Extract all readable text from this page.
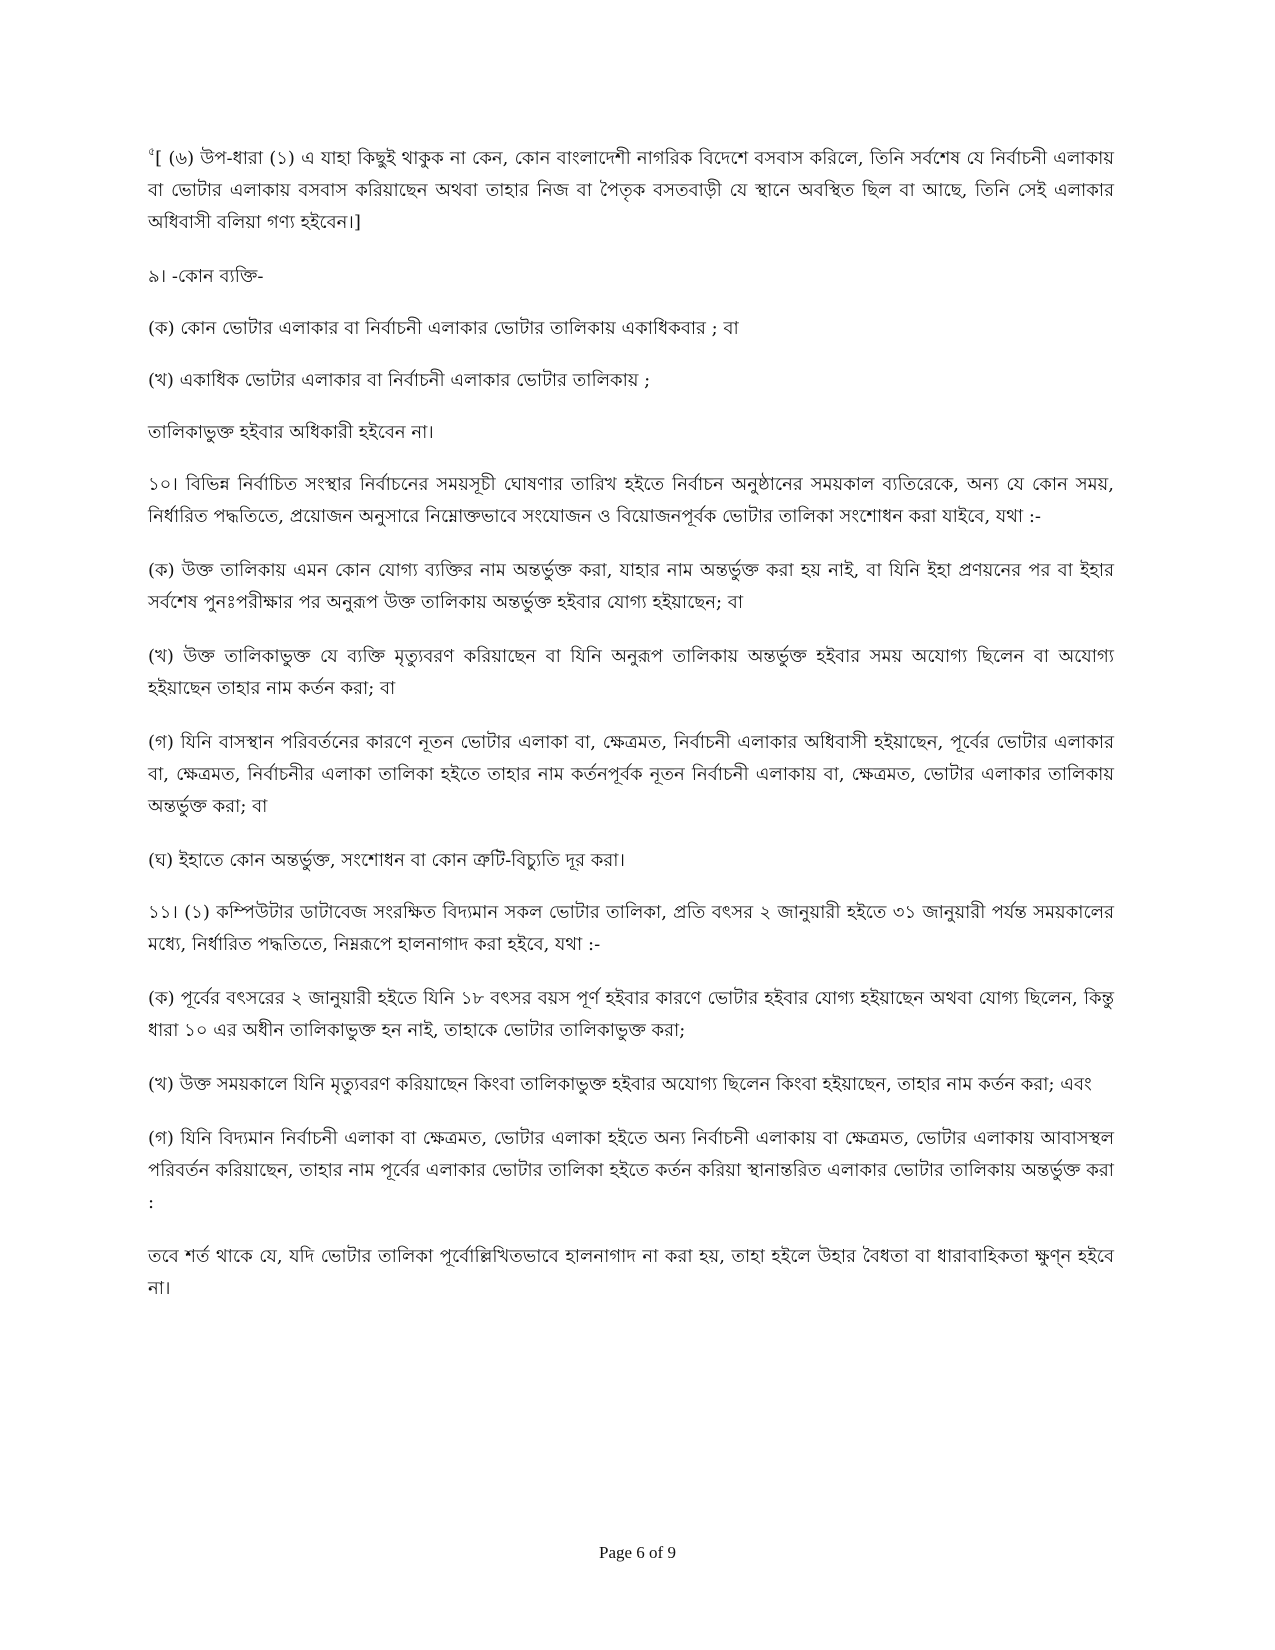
$^৫$[ (৬) উপ-ধারা (১) এ যাহা কিছুই থাকুক না কেন, কোন বাংলাদেশী নাগরিক বিদেশে বসবাস করিলে, তিনি সর্বশেষ যে নির্বাচনী এলাকায় বা ভোটার এলাকায় বসবাস করিয়াছেন অথবা তাহার নিজ বা পৈতৃক বসতবাড়ী যে স্থানে অবস্থিত ছিল বা আছে, তিনি সেই এলাকার অধিবাসী বলিয়া গণ্য হইবেন।]

৯। -কোন ব্যক্তি-

(ক) কোন ভোটার এলাকার বা নির্বাচনী এলাকার ভোটার তালিকায় একাধিকবার ; বা

(খ) একাধিক ভোটার এলাকার বা নির্বাচনী এলাকার ভোটার তালিকায় ;

তালিকাভুক্ত হইবার অধিকারী হইবেন না।

১০। বিভিন্ন নির্বাচিত সংস্থার নির্বাচনের সময়সূচী ঘোষণার তারিখ হইতে নির্বাচন অনুষ্ঠানের সময়কাল ব্যতিরেকে, অন্য যে কোন সময়, নির্ধারিত পদ্ধতিতে, প্রয়োজন অনুসারে নিম্নোক্তভাবে সংযোজন ও বিয়োজনপূর্বক ভোটার তালিকা সংশোধন করা যাইবে, যথা :-

(ক) উক্ত তালিকায় এমন কোন যোগ্য ব্যক্তির নাম অন্তর্ভুক্ত করা, যাহার নাম অন্তর্ভুক্ত করা হয় নাই, বা যিনি ইহা প্রণয়নের পর বা ইহার সর্বশেষ পুনঃপরীক্ষার পর অনুরূপ উক্ত তালিকায় অন্তর্ভুক্ত হইবার যোগ্য হইয়াছেন; বা

(খ) উক্ত তালিকাভুক্ত যে ব্যক্তি মৃত্যুবরণ করিয়াছেন বা যিনি অনুরূপ তালিকায় অন্তর্ভুক্ত হইবার সময় অযোগ্য ছিলেন বা অযোগ্য হইয়াছেন তাহার নাম কর্তন করা; বা

(গ) যিনি বাসস্থান পরিবর্তনের কারণে নূতন ভোটার এলাকা বা, ক্ষেত্রমত, নির্বাচনী এলাকার অধিবাসী হইয়াছেন, পূর্বের ভোটার এলাকার বা, ক্ষেত্রমত, নির্বাচনীর এলাকা তালিকা হইতে তাহার নাম কর্তনপূর্বক নূতন নির্বাচনী এলাকায় বা, ক্ষেত্রমত, ভোটার এলাকার তালিকায় অন্তর্ভুক্ত করা; বা

(ঘ) ইহাতে কোন অন্তর্ভুক্ত, সংশোধন বা কোন ত্রুটি-বিচ্যুতি দূর করা।

১১। (১) কম্পিউটার ডাটাবেজ সংরক্ষিত বিদ্যমান সকল ভোটার তালিকা, প্রতি বৎসর ২ জানুয়ারী হইতে ৩১ জানুয়ারী পর্যন্ত সময়কালের মধ্যে, নির্ধারিত পদ্ধতিতে, নিম্নরূপে হালনাগাদ করা হইবে, যথা :-

(ক) পূর্বের বৎসরের ২ জানুয়ারী হইতে যিনি ১৮ বৎসর বয়স পূর্ণ হইবার কারণে ভোটার হইবার যোগ্য হইয়াছেন অথবা যোগ্য ছিলেন, কিন্তু ধারা ১০ এর অধীন তালিকাভুক্ত হন নাই, তাহাকে ভোটার তালিকাভুক্ত করা;

(খ) উক্ত সময়কালে যিনি মৃত্যুবরণ করিয়াছেন কিংবা তালিকাভুক্ত হইবার অযোগ্য ছিলেন কিংবা হইয়াছেন, তাহার নাম কর্তন করা; এবং

(গ) যিনি বিদ্যমান নির্বাচনী এলাকা বা ক্ষেত্রমত, ভোটার এলাকা হইতে অন্য নির্বাচনী এলাকায় বা ক্ষেত্রমত, ভোটার এলাকায় আবাসস্থল পরিবর্তন করিয়াছেন, তাহার নাম পূর্বের এলাকার ভোটার তালিকা হইতে কর্তন করিয়া স্থানান্তরিত এলাকার ভোটার তালিকায় অন্তর্ভুক্ত করা :

তবে শর্ত থাকে যে, যদি ভোটার তালিকা পূর্বোল্লিখিতভাবে হালনাগাদ না করা হয়, তাহা হইলে উহার বৈধতা বা ধারাবাহিকতা ক্ষুণ্ন হইবে না।

Page 6 of 9
